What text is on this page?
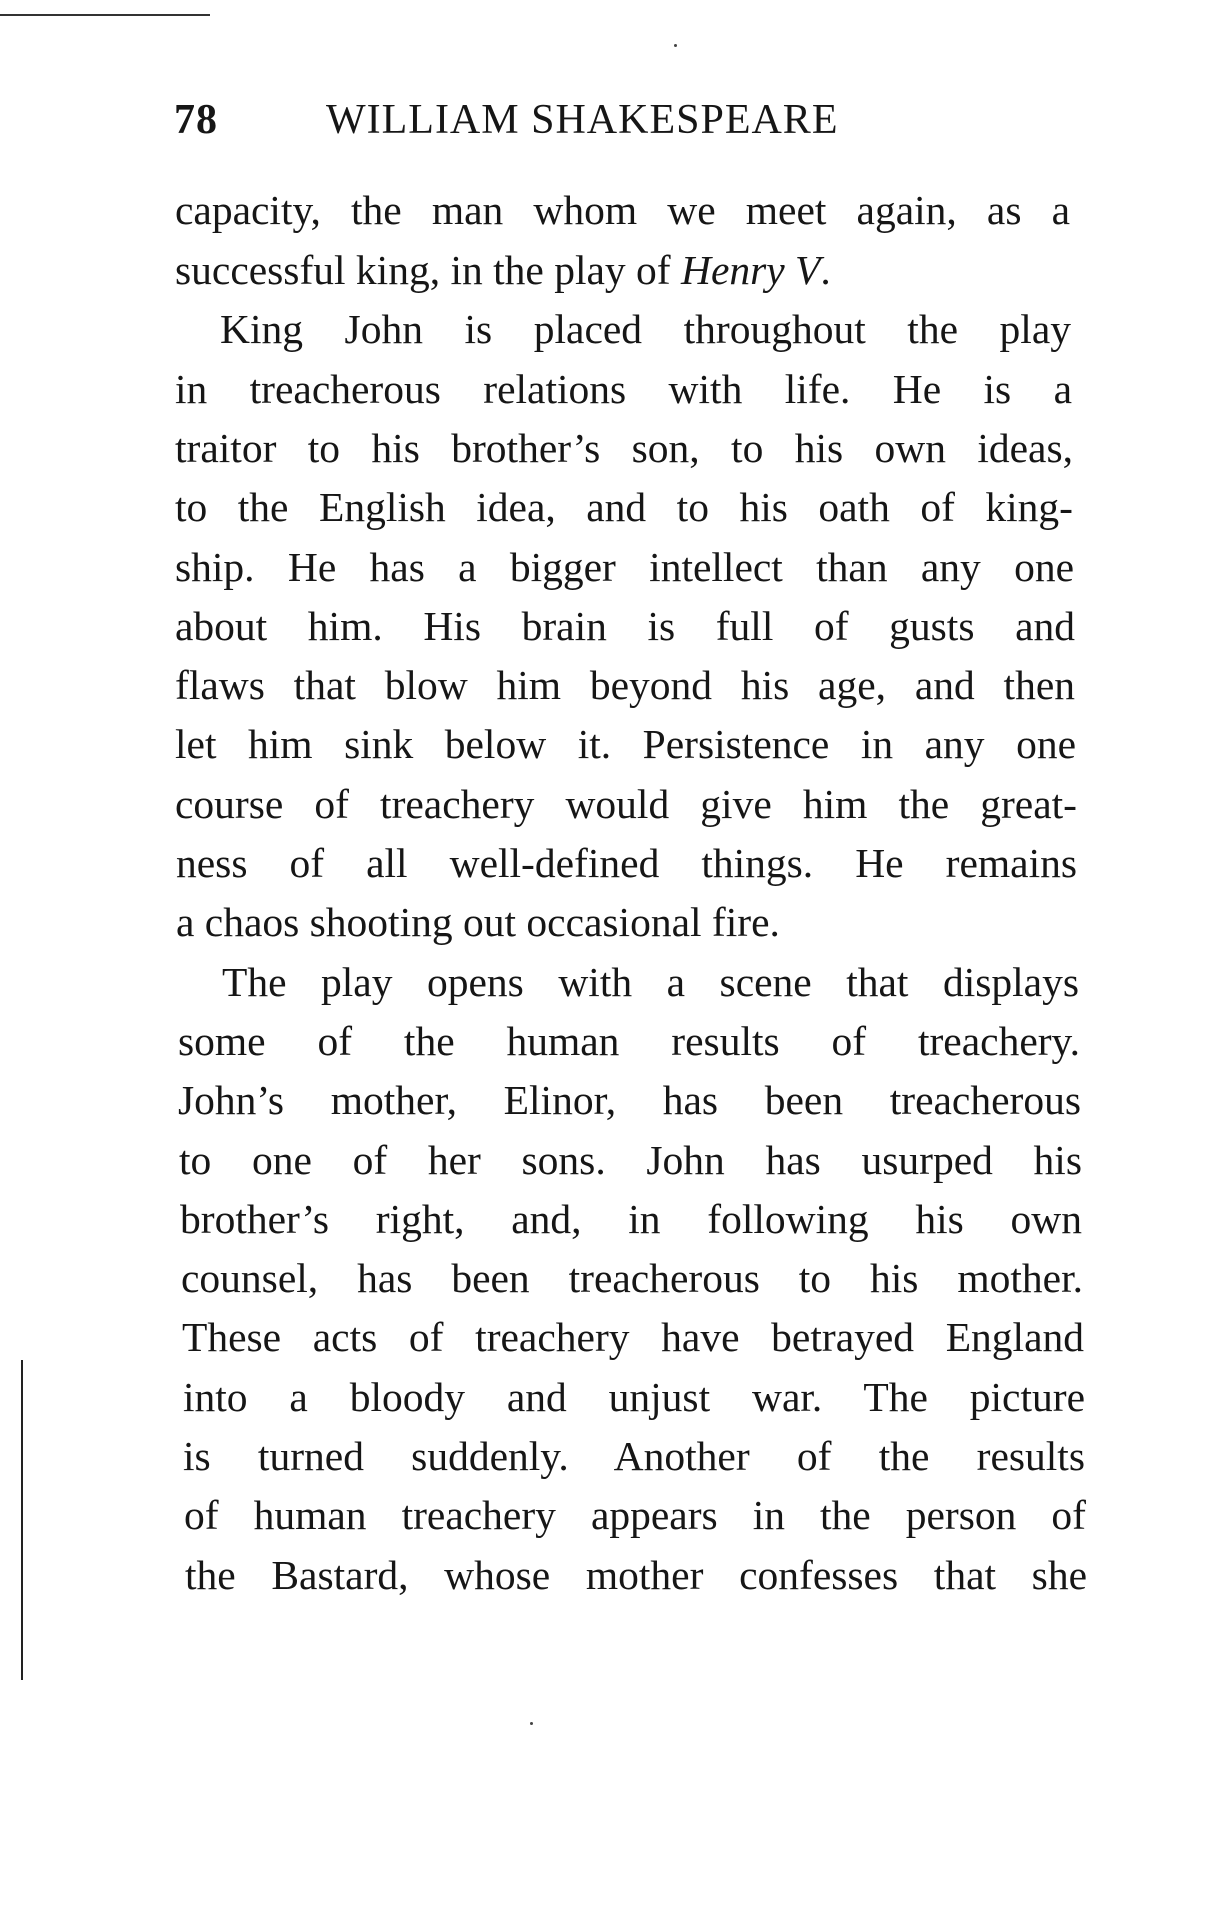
78	WILLIAM SHAKESPEARE
capacity, the man whom we meet again, as a
successful king, in the play of Henry V.
King John is placed throughout the play
in treacherous relations with life. He is a
traitor to his brother’s son, to his own ideas,
to the English idea, and to his oath of king-
ship. He has a bigger intellect than any one
about him. His brain is full of gusts and
flaws that blow him beyond his age, and then
let him sink below it. Persistence in any one
course of treachery would give him the great-
ness of all well-defined things. He remains
a chaos shooting out occasional fire.
The play opens with a scene that displays
some of the human results of treachery.
John’s mother, Elinor, has been treacherous
to one of her sons. John has usurped his
brother’s right, and, in following his own
counsel, has been treacherous to his mother.
These acts of treachery have betrayed England
into a bloody and unjust war. The picture
is turned suddenly. Another of the results
of human treachery appears in the person of
the Bastard, whose mother confesses that she
